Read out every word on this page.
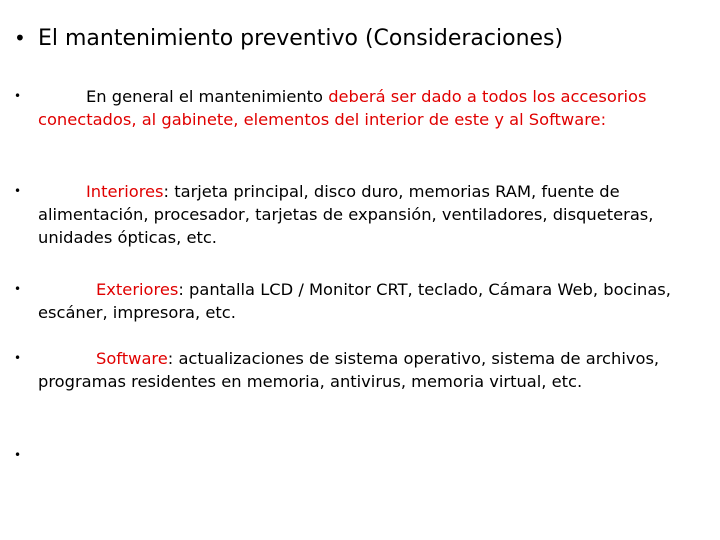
• El mantenimiento preventivo (Consideraciones)
•	En general el mantenimiento deberá ser dado a todos los accesorios conectados, al gabinete, elementos del interior de este y al Software:
•	Interiores: tarjeta principal, disco duro, memorias RAM, fuente de alimentación, procesador, tarjetas de expansión, ventiladores, disqueteras, unidades ópticas, etc.
•	Exteriores: pantalla LCD / Monitor CRT, teclado, Cámara Web, bocinas, escáner, impresora, etc.
•	Software: actualizaciones de sistema operativo, sistema de archivos, programas residentes en memoria, antivirus, memoria virtual, etc.
•
